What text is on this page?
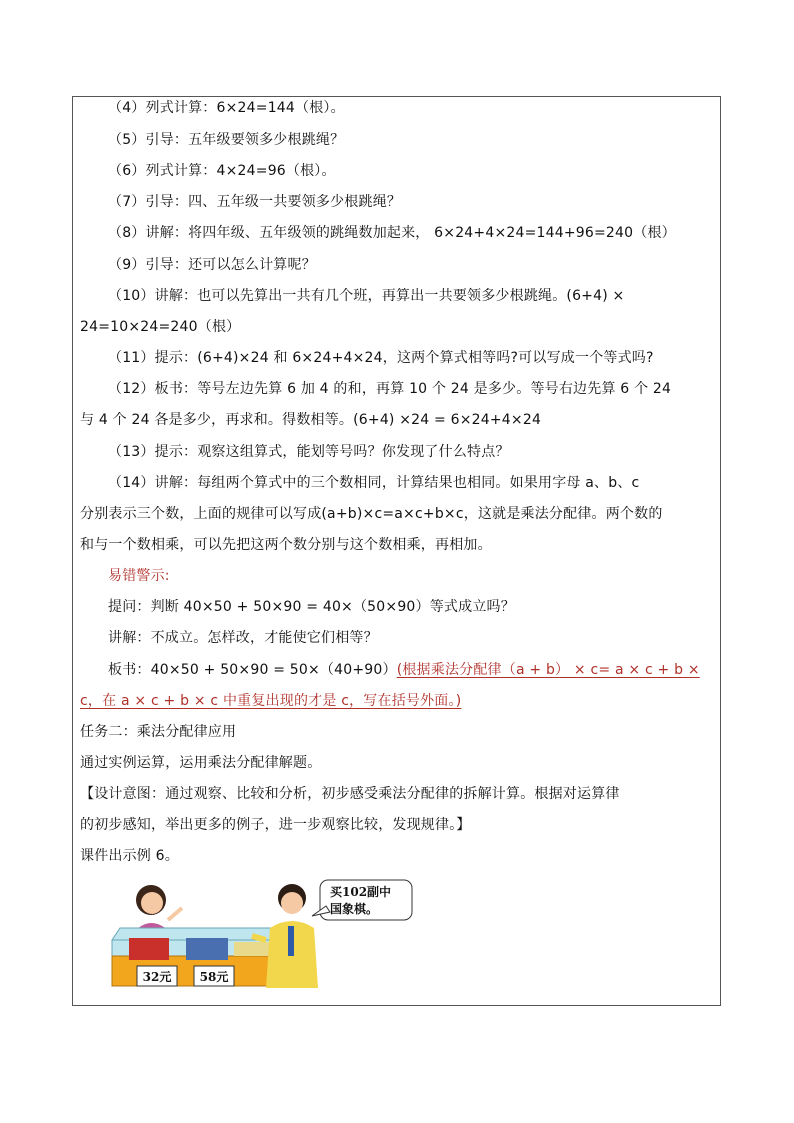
（4）列式计算：6×24=144（根）。
（5）引导：五年级要领多少根跳绳？
（6）列式计算：4×24=96（根）。
（7）引导：四、五年级一共要领多少根跳绳？
（8）讲解：将四年级、五年级领的跳绳数加起来， 6×24+4×24=144+96=240（根）
（9）引导：还可以怎么计算呢？
（10）讲解：也可以先算出一共有几个班，再算出一共要领多少根跳绳。(6+4) ×
24=10×24=240（根）
（11）提示：(6+4)×24 和 6×24+4×24，这两个算式相等吗?可以写成一个等式吗?
（12）板书：等号左边先算 6 加 4 的和，再算 10 个 24 是多少。等号右边先算 6 个 24
与 4 个 24 各是多少，再求和。得数相等。(6+4) ×24 = 6×24+4×24
（13）提示：观察这组算式，能划等号吗？你发现了什么特点？
（14）讲解：每组两个算式中的三个数相同，计算结果也相同。如果用字母 a、b、c
分别表示三个数，上面的规律可以写成(a+b)×c=a×c+b×c，这就是乘法分配律。两个数的
和与一个数相乘，可以先把这两个数分别与这个数相乘，再相加。
易错警示:
提问：判断 40×50 + 50×90 = 40×（50×90）等式成立吗？
讲解：不成立。怎样改，才能使它们相等？
板书：40×50 + 50×90 = 50×（40+90）(根据乘法分配律（a + b） × c= a × c + b ×
c，在 a × c + b × c 中重复出现的才是 c，写在括号外面。)
任务二：乘法分配律应用
通过实例运算，运用乘法分配律解题。
【设计意图：通过观察、比较和分析，初步感受乘法分配律的拆解计算。根据对运算律
的初步感知，举出更多的例子，进一步观察比较，发现规律。】
课件出示例 6。
32元 58元
买102副中
国象棋。
